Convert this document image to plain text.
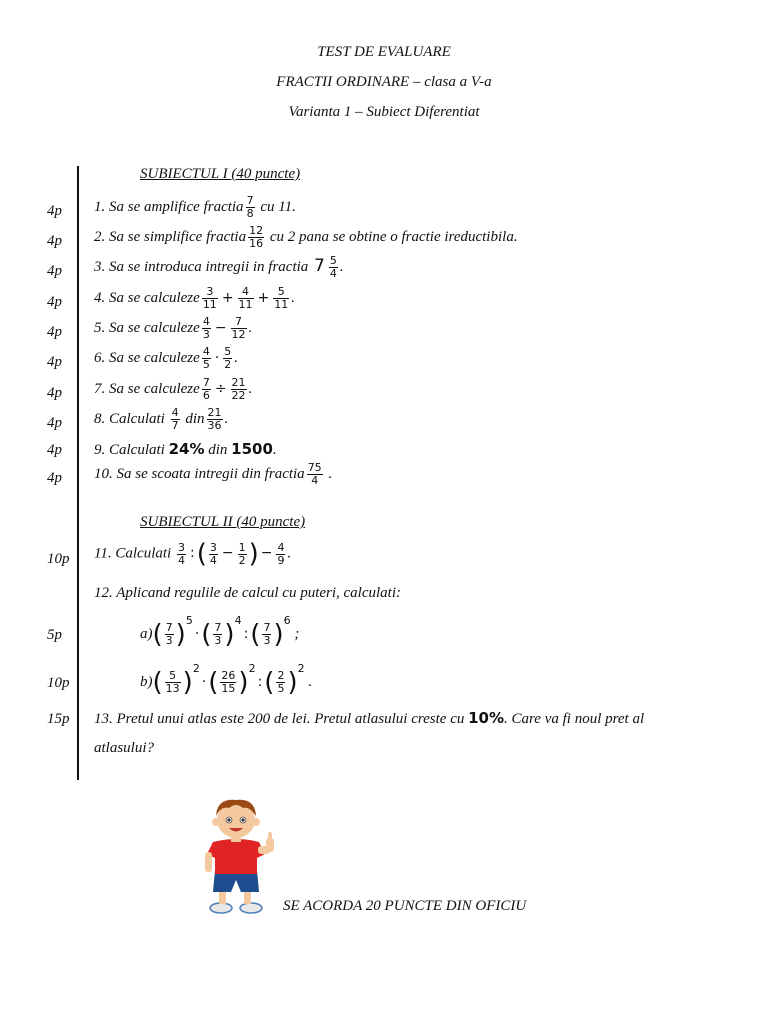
TEST DE EVALUARE
FRACTII ORDINARE – clasa a V-a
Varianta 1 – Subiect Diferentiat
SUBIECTUL I (40 puncte)
4p	1. Sa se amplifice fractia $\frac{7}{8}$ cu 11.
4p	2. Sa se simplifice fractia $\frac{12}{16}$ cu 2 pana se obtine o fractie ireductibila.
4p	3. Sa se introduca intregii in fractia $7 \frac{5}{4}$ .
4p	4. Sa se calculeze $\frac{3}{11} + \frac{4}{11} + \frac{5}{11}$ .
4p	5. Sa se calculeze $\frac{4}{3} - \frac{7}{12}$ .
4p	6. Sa se calculeze $\frac{4}{5} \cdot \frac{5}{2}$ .
4p	7. Sa se calculeze $\frac{7}{6} \div \frac{21}{22}$ .
4p	8. Calculati $\frac{4}{7}$ din $\frac{21}{36}$ .
4p	9. Calculati 24% din 1500.
4p	10. Sa se scoata intregii din fractia $\frac{75}{4}$ .
SUBIECTUL II (40 puncte)
10p	11. Calculati $\frac{3}{4}$ :( $\frac{3}{4} - \frac{1}{2}$ ) − $\frac{4}{9}$ .
12. Aplicand regulile de calcul cu puteri, calculati:
5p	$a)( \frac{7}{3} )^5\cdot( \frac{7}{3}$ )$^4:( \frac{7}{3} )^6$ ;
10p	$b)( \frac{5}{13} )^2\cdot( \frac{26}{15}$ )$^2:( \frac{2}{5} )^2$ .
15p	13. Pretul unui atlas este 200 de lei. Pretul atlasului creste cu 10%. Care va fi noul pret al
atlasului?
SE ACORDA 20 PUNCTE DIN OFICIU
